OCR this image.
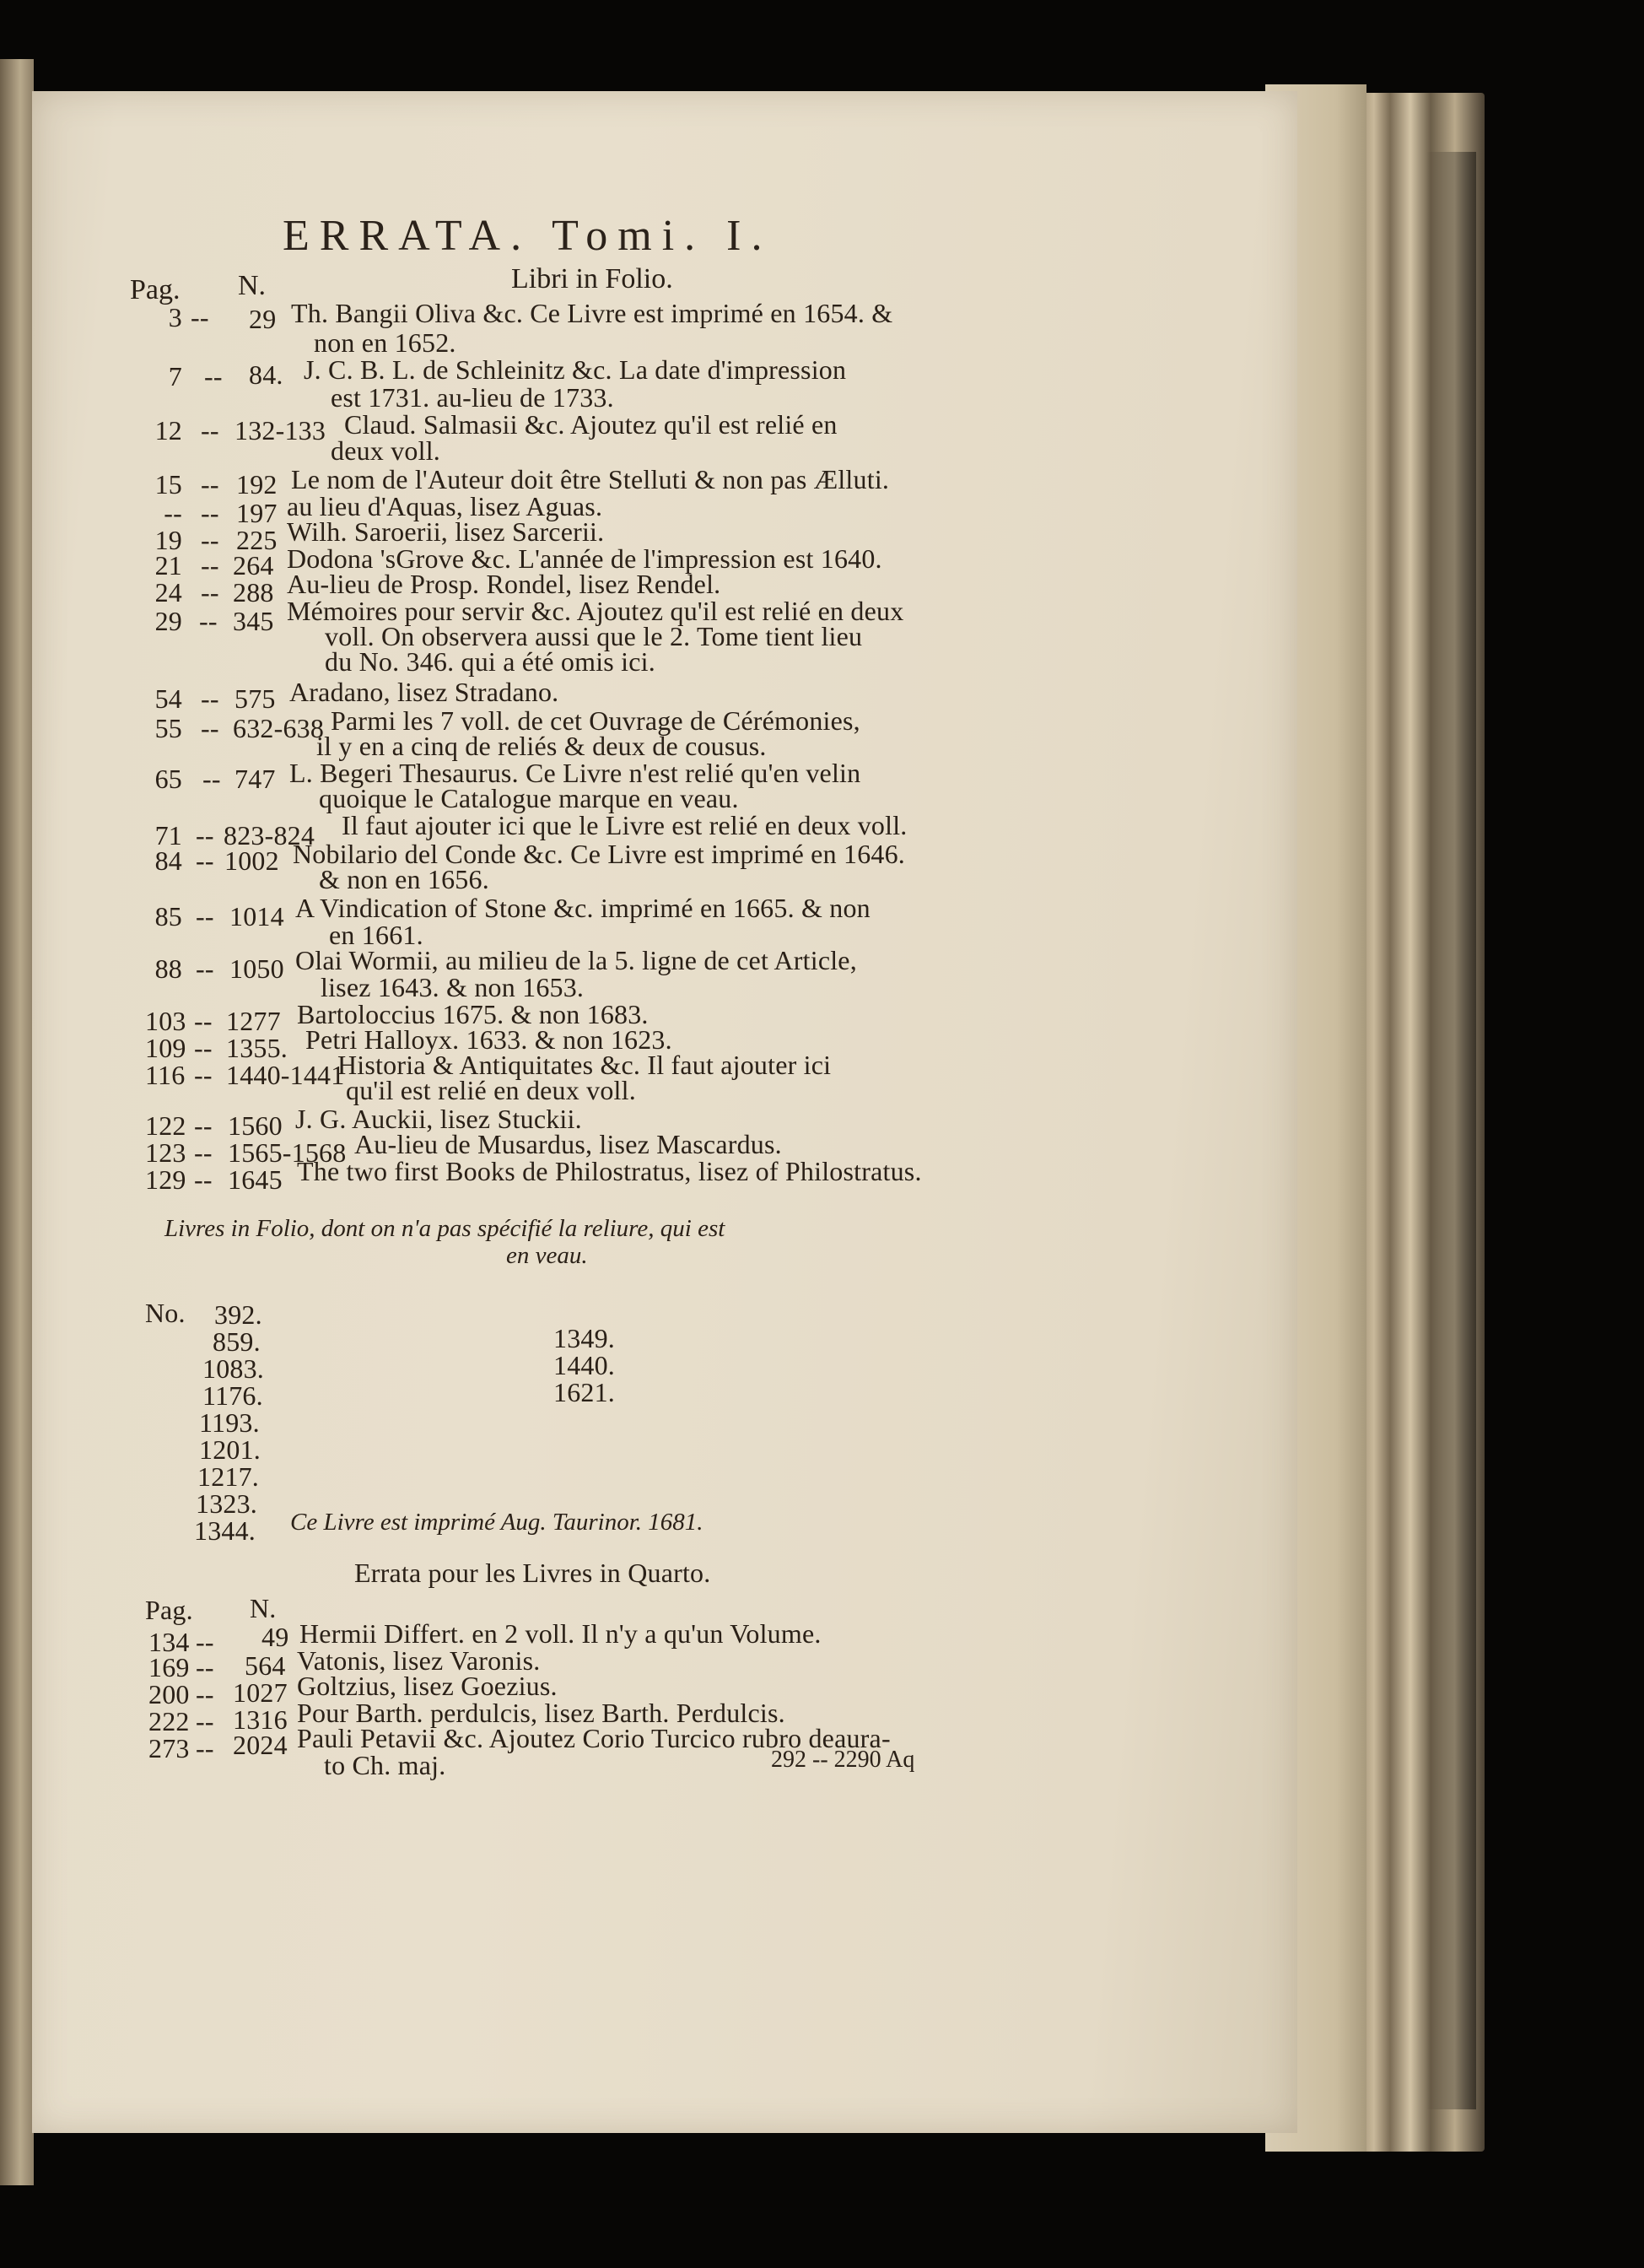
ERRATA. Tomi. I.
Pag. N.	Libri in Folio.
3 -- 29 Th. Bangii Oliva &c. Ce Livre est imprimé en 1654. &
non en 1652.
7 -- 84. J. C. B. L. de Schleinitz &c. La date d'impression
est 1731. au-lieu de 1733.
12 -- 132-133 Claud. Salmasii &c. Ajoutez qu'il est relié en
deux voll.
15 -- 192 Le nom de l'Auteur doit être Stelluti & non pas Ælluti.
-- -- 197 au lieu d'Aquas, lisez Aguas.
19 -- 225 Wilh. Saroerii, lisez Sarcerii.
21 -- 264 Dodona 'sGrove &c. L'année de l'impression est 1640.
24 -- 288 Au-lieu de Prosp. Rondel, lisez Rendel.
29 -- 345 Mémoires pour servir &c. Ajoutez qu'il est relié en deux
voll. On observera aussi que le 2. Tome tient lieu
du No. 346. qui a été omis ici.
54 -- 575 Aradano, lisez Stradano.
55 -- 632-638 Parmi les 7 voll. de cet Ouvrage de Cérémonies,
il y en a cinq de reliés & deux de cousus.
65 -- 747 L. Begeri Thesaurus. Ce Livre n'est relié qu'en velin
quoique le Catalogue marque en veau.
71 -- 823-824 Il faut ajouter ici que le Livre est relié en deux voll.
84 -- 1002 Nobilario del Conde &c. Ce Livre est imprimé en 1646.
& non en 1656.
85 -- 1014 A Vindication of Stone &c. imprimé en 1665. & non
en 1661.
88 -- 1050 Olai Wormii, au milieu de la 5. ligne de cet Article,
lisez 1643. & non 1653.
103 -- 1277 Bartoloccius 1675. & non 1683.
109 -- 1355. Petri Halloyx. 1633. & non 1623.
116 -- 1440-1441
Historia & Antiquitates &c. Il faut ajouter ici
qu'il est relié en deux voll.
122 -- 1560 J. G. Auckii, lisez Stuckii.
123 -- 1565-1568 Au-lieu de Musardus, lisez Mascardus.
129 -- 1645 The two first Books de Philostratus, lisez of Philostratus.
Livres in Folio, dont on n'a pas spécifié la reliure, qui est
en veau.
No. 392.
859.
1083.
1176.
1193.
1201.
1217.
1323.
1344.
1349.
1440.
1621.
Ce Livre est imprimé Aug. Taurinor. 1681.
Errata pour les Livres in Quarto.
Pag. N.
134 -- 49 Hermii Differt. en 2 voll. Il n'y a qu'un Volume.
169 -- 564 Vatonis, lisez Varonis.
200 -- 1027 Goltzius, lisez Goezius.
222 -- 1316 Pour Barth. perdulcis, lisez Barth. Perdulcis.
273 -- 2024 Pauli Petavii &c. Ajoutez Corio Turcico rubro deaura-
to Ch. maj.	292 -- 2290 Aq
